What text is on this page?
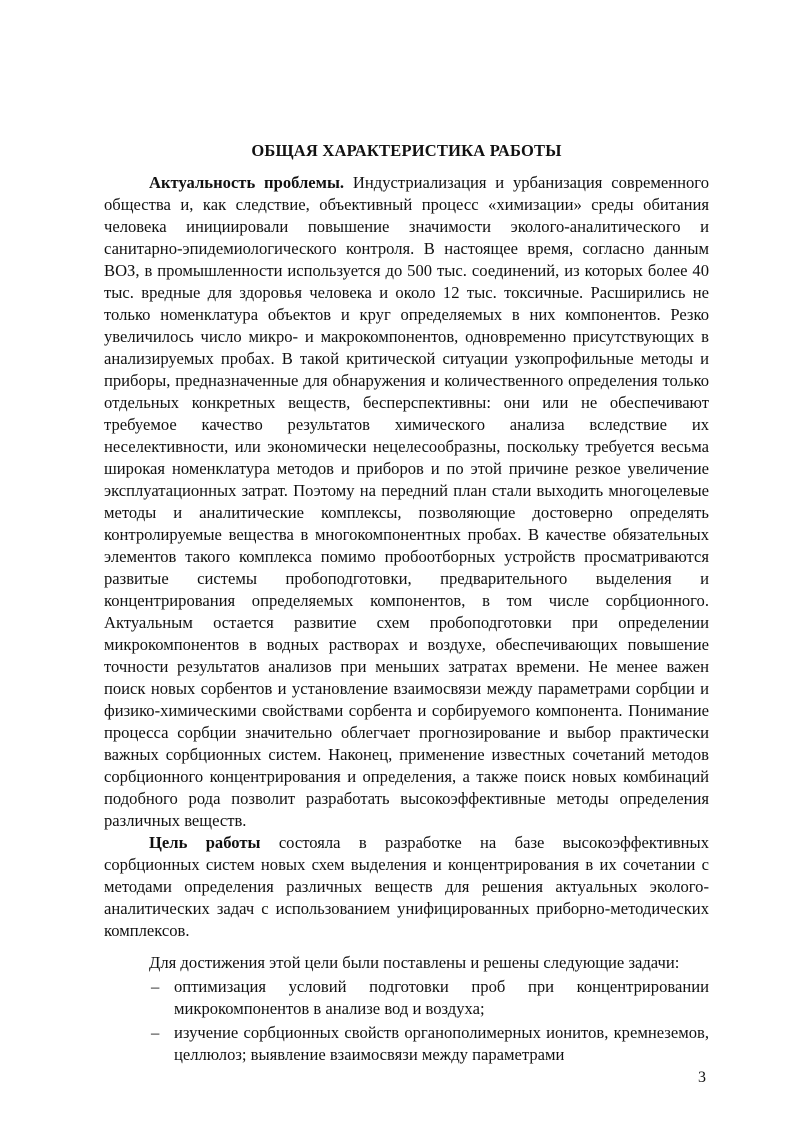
ОБЩАЯ ХАРАКТЕРИСТИКА РАБОТЫ

Актуальность проблемы. Индустриализация и урбанизация современного общества и, как следствие, объективный процесс «химизации» среды обитания человека инициировали повышение значимости эколого-аналитического и санитарно-эпидемиологического контроля. В настоящее время, согласно данным ВОЗ, в промышленности используется до 500 тыс. соединений, из которых более 40 тыс. вредные для здоровья человека и около 12 тыс. токсичные. Расширились не только номенклатура объектов и круг определяемых в них компонентов. Резко увеличилось число микро- и макрокомпонентов, одновременно присутствующих в анализируемых пробах. В такой критической ситуации узкопрофильные методы и приборы, предназначенные для обнаружения и количественного определения только отдельных конкретных веществ, бесперспективны: они или не обеспечивают требуемое качество результатов химического анализа вследствие их неселективности, или экономически нецелесообразны, поскольку требуется весьма широкая номенклатура методов и приборов и по этой причине резкое увеличение эксплуатационных затрат. Поэтому на передний план стали выходить многоцелевые методы и аналитические комплексы, позволяющие достоверно определять контролируемые вещества в многокомпонентных пробах. В качестве обязательных элементов такого комплекса помимо пробоотборных устройств просматриваются развитые системы пробоподготовки, предварительного выделения и концентрирования определяемых компонентов, в том числе сорбционного. Актуальным остается развитие схем пробоподготовки при определении микрокомпонентов в водных растворах и воздухе, обеспечивающих повышение точности результатов анализов при меньших затратах времени. Не менее важен поиск новых сорбентов и установление взаимосвязи между параметрами сорбции и физико-химическими свойствами сорбента и сорбируемого компонента. Понимание процесса сорбции значительно облегчает прогнозирование и выбор практически важных сорбционных систем. Наконец, применение известных сочетаний методов сорбционного концентрирования и определения, а также поиск новых комбинаций подобного рода позволит разработать высокоэффективные методы определения различных веществ.

Цель работы состояла в разработке на базе высокоэффективных сорбционных систем новых схем выделения и концентрирования в их сочетании с методами определения различных веществ для решения актуальных эколого-аналитических задач с использованием унифицированных приборно-методических комплексов.

Для достижения этой цели были поставлены и решены следующие задачи:

– оптимизация условий подготовки проб при концентрировании микрокомпонентов в анализе вод и воздуха;
– изучение сорбционных свойств органополимерных ионитов, кремнеземов, целлюлоз; выявление взаимосвязи между параметрами
3
